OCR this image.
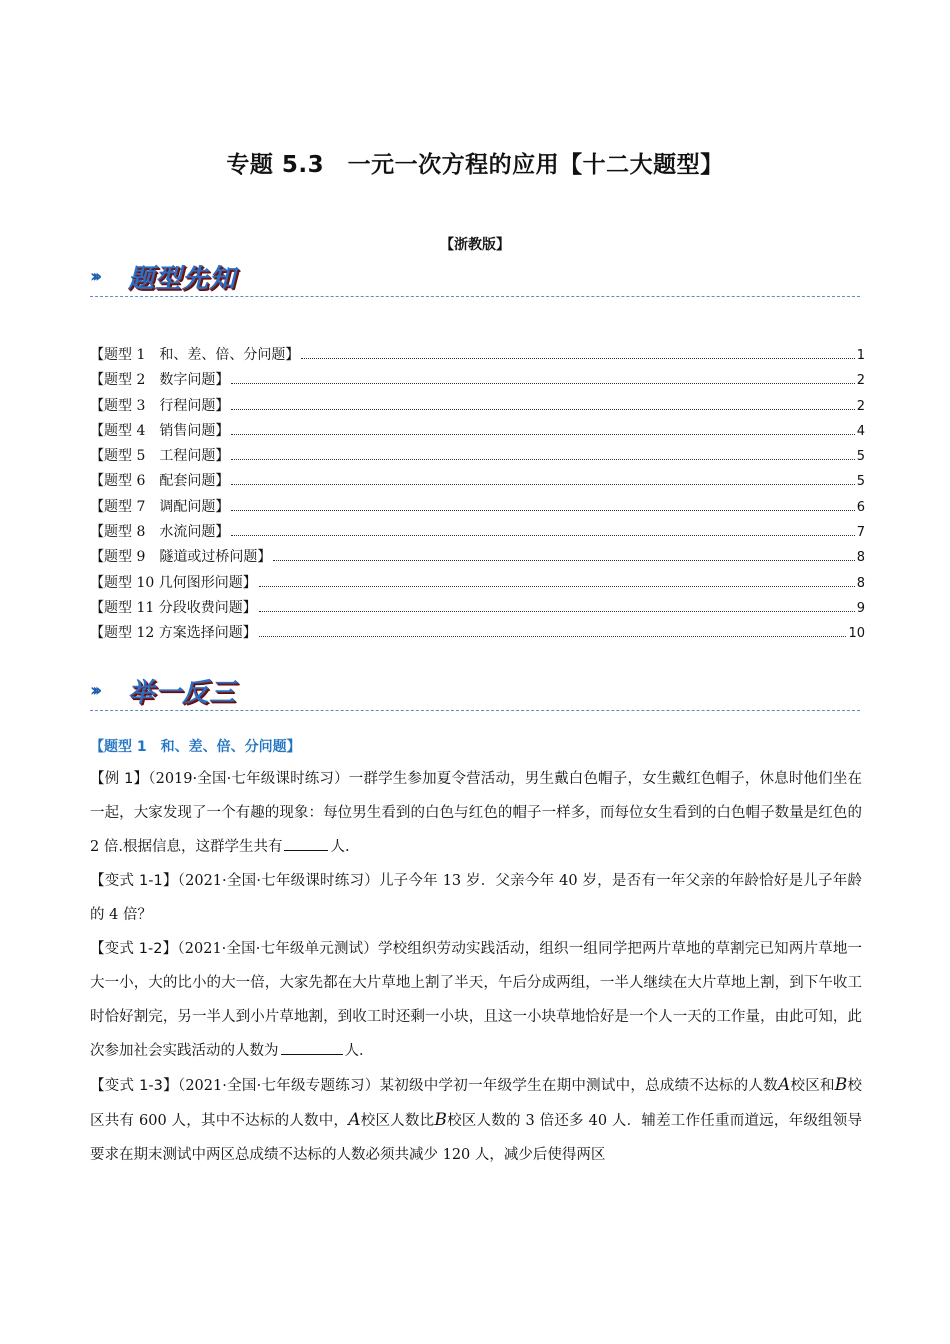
专题 5.3　一元一次方程的应用【十二大题型】
【浙教版】
››› 题型先知
【题型 1　和、差、倍、分问题】	1
【题型 2　数字问题】	2
【题型 3　行程问题】	2
【题型 4　销售问题】	4
【题型 5　工程问题】	5
【题型 6　配套问题】	5
【题型 7　调配问题】	6
【题型 8　水流问题】	7
【题型 9　隧道或过桥问题】	8
【题型 10 几何图形问题】	8
【题型 11 分段收费问题】	9
【题型 12 方案选择问题】	10
››› 举一反三
【题型 1　和、差、倍、分问题】

【例 1】（2019·全国·七年级课时练习）一群学生参加夏令营活动，男生戴白色帽子，女生戴红色帽子，休息时他们坐在一起，大家发现了一个有趣的现象：每位男生看到的白色与红色的帽子一样多，而每位女生看到的白色帽子数量是红色的 2 倍.根据信息，这群学生共有	人.

【变式 1-1】（2021·全国·七年级课时练习）儿子今年 13 岁．父亲今年 40 岁，是否有一年父亲的年龄恰好是儿子年龄的 4 倍？

【变式 1-2】（2021·全国·七年级单元测试）学校组织劳动实践活动，组织一组同学把两片草地的草割完已知两片草地一大一小，大的比小的大一倍，大家先都在大片草地上割了半天，午后分成两组，一半人继续在大片草地上割，到下午收工时恰好割完，另一半人到小片草地割，到收工时还剩一小块，且这一小块草地恰好是一个人一天的工作量，由此可知，此次参加社会实践活动的人数为	人．

【变式 1-3】（2021·全国·七年级专题练习）某初级中学初一年级学生在期中测试中，总成绩不达标的人数A校区和B校区共有 600 人，其中不达标的人数中，A校区人数比B校区人数的 3 倍还多 40 人．辅差工作任重而道远，年级组领导要求在期末测试中两区总成绩不达标的人数必须共减少 120 人，减少后使得两区
